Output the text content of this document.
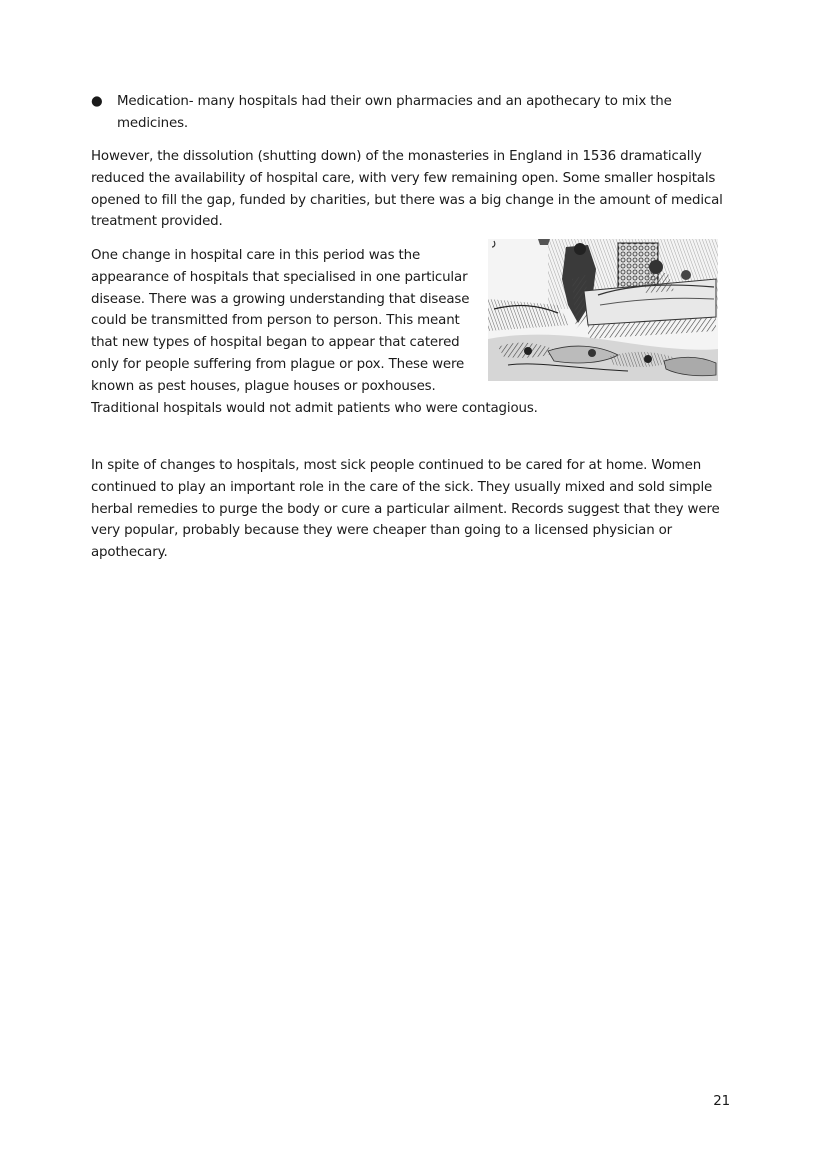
●	Medication- many hospitals had their own pharmacies and an apothecary to mix the medicines.
However, the dissolution (shutting down) of the monasteries in England in 1536 dramatically reduced the availability of hospital care, with very few remaining open. Some smaller hospitals opened to fill the gap, funded by charities, but there was a big change in the amount of medical treatment provided.
One change in hospital care in this period was the appearance of hospitals that specialised in one particular disease. There was a growing understanding that disease could be transmitted from person to person. This meant that new types of hospital began to appear that catered only for people suffering from plague or pox. These were known as pest houses, plague houses or poxhouses. Traditional hospitals would not admit patients who were contagious.
In spite of changes to hospitals, most sick people continued to be cared for at home. Women continued to play an important role in the care of the sick. They usually mixed and sold simple herbal remedies to purge the body or cure a particular ailment. Records suggest that they were very popular, probably because they were cheaper than going to a licensed physician or apothecary.
21
